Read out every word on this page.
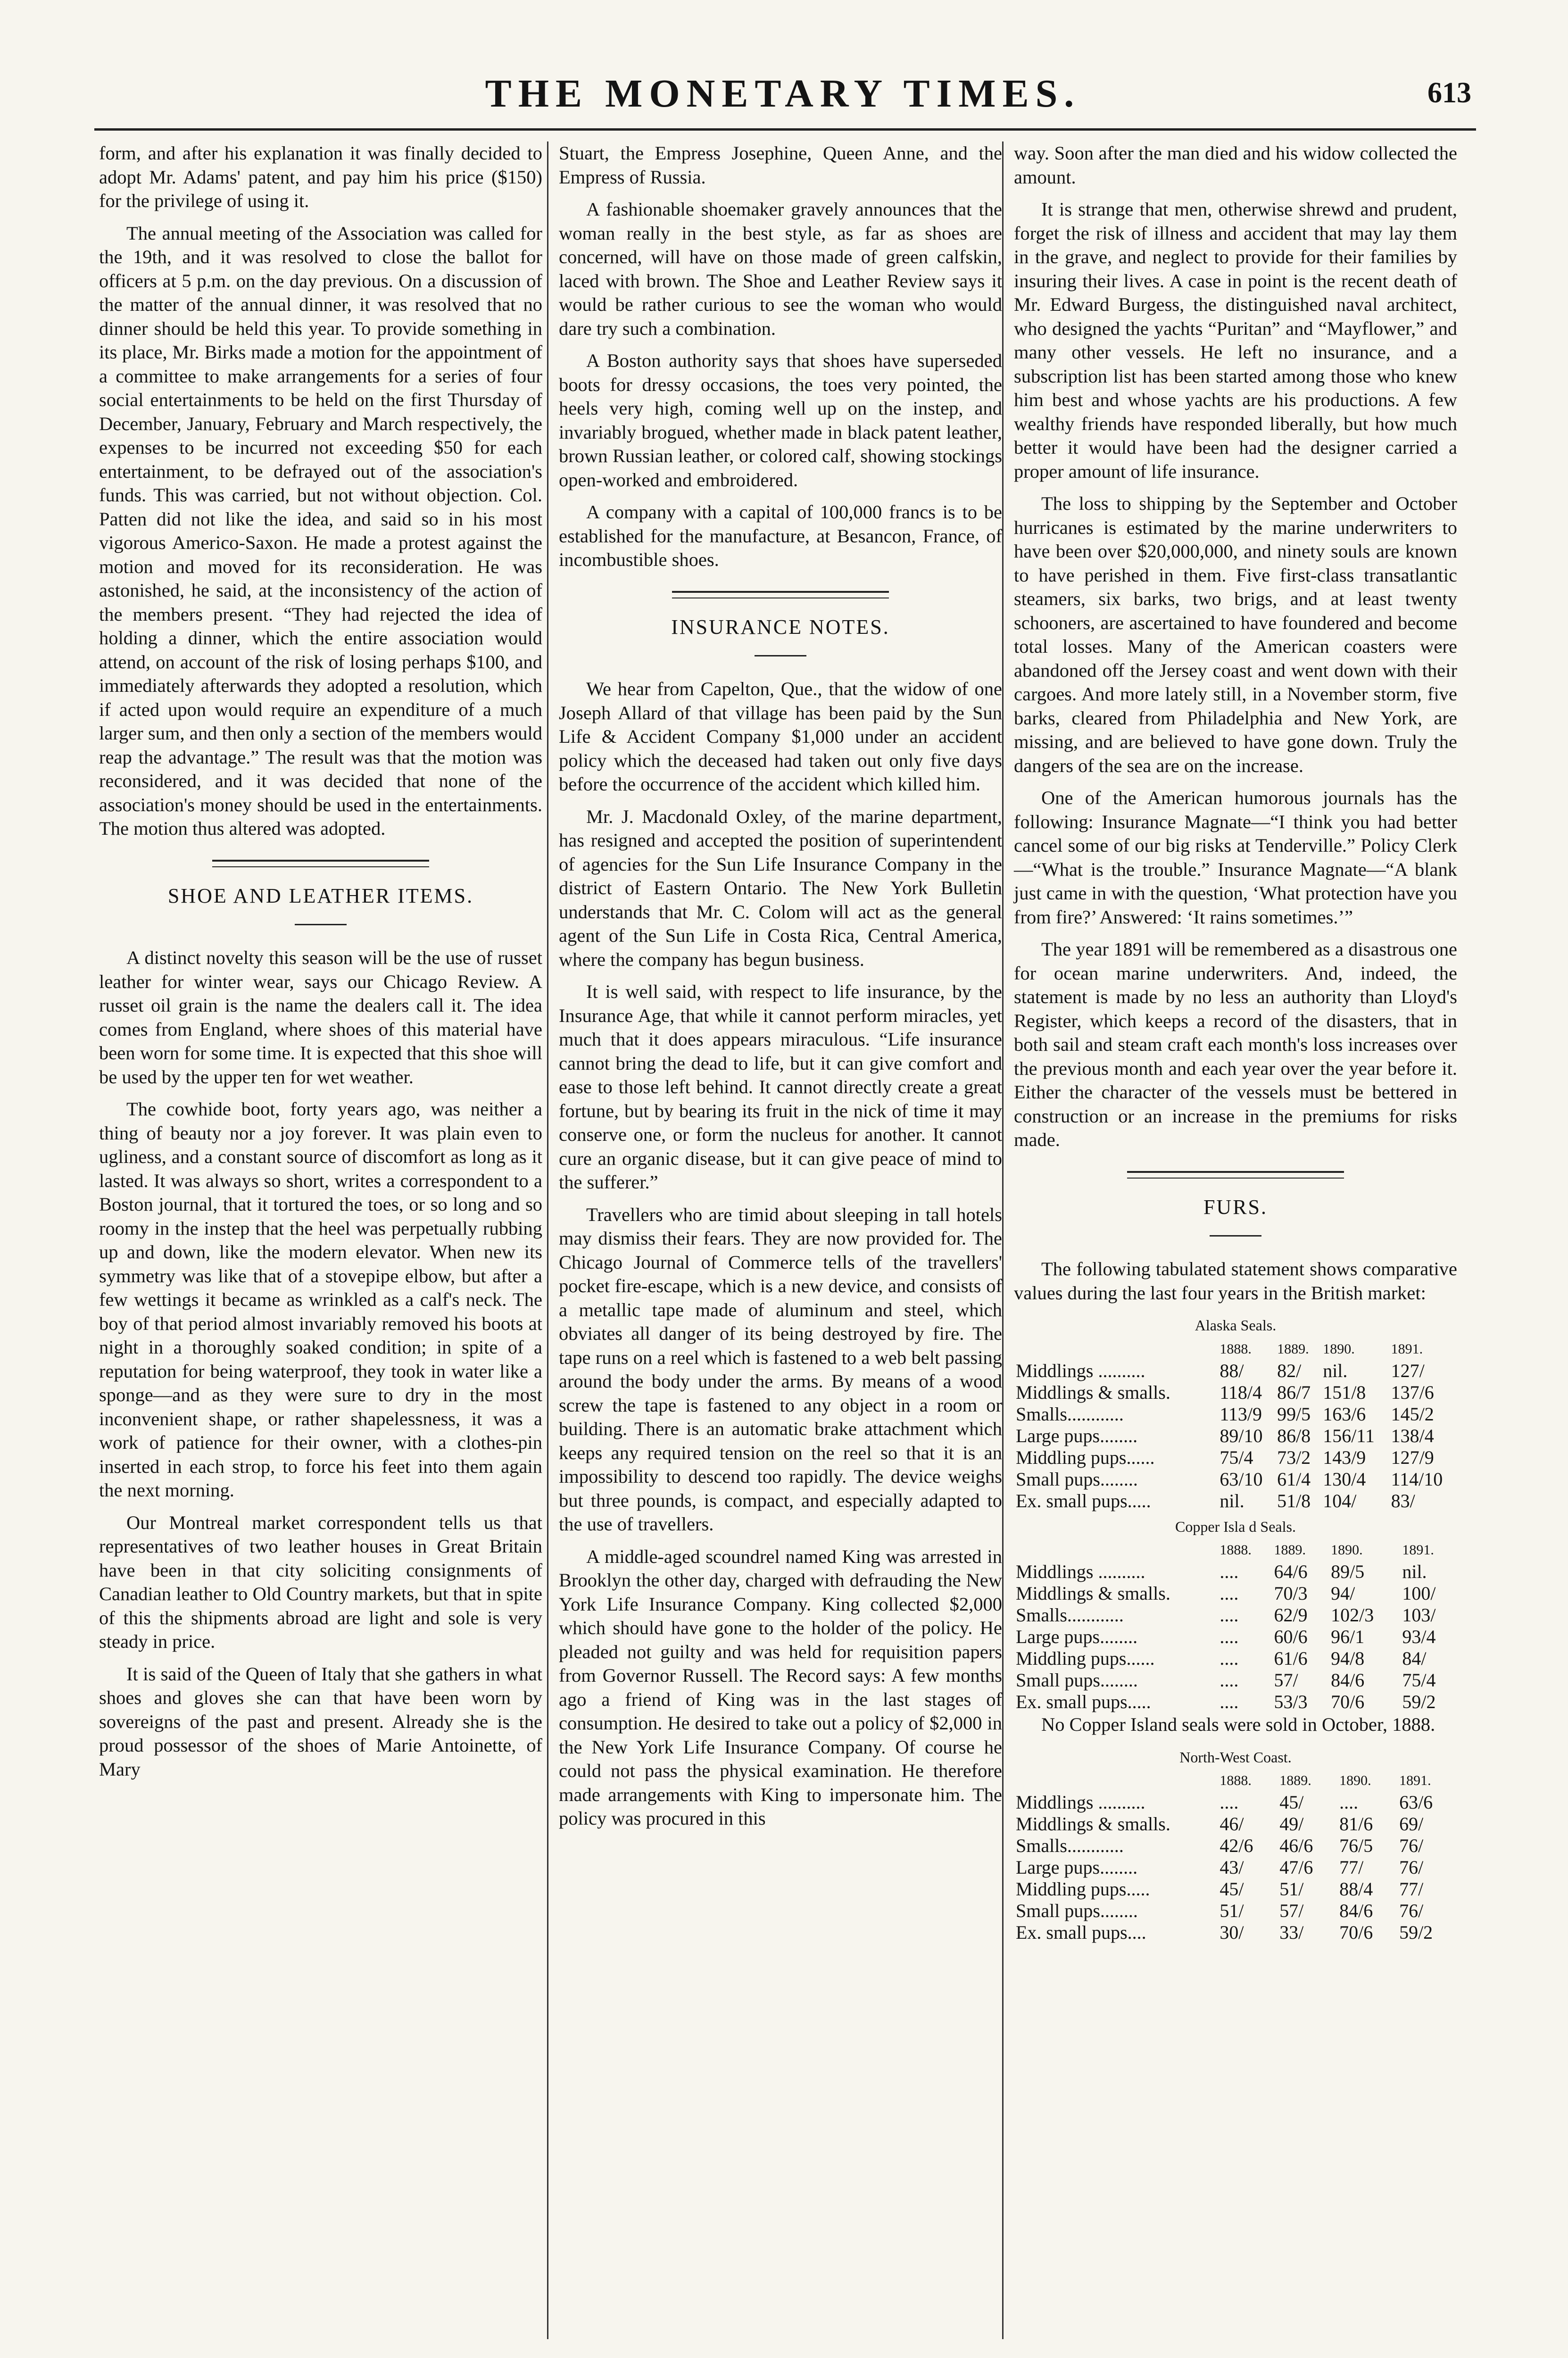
THE MONETARY TIMES.	613

form, and after his explanation it was finally decided to adopt Mr. Adams' patent, and pay him his price ($150) for the privilege of using it.

The annual meeting of the Association was called for the 19th, and it was resolved to close the ballot for officers at 5 p.m. on the day previous. On a discussion of the matter of the annual dinner, it was resolved that no dinner should be held this year. To provide something in its place, Mr. Birks made a motion for the appointment of a committee to make arrangements for a series of four social entertainments to be held on the first Thursday of December, January, February and March respectively, the expenses to be incurred not exceeding $50 for each entertainment, to be defrayed out of the association's funds. This was carried, but not without objection. Col. Patten did not like the idea, and said so in his most vigorous Americo-Saxon. He made a protest against the motion and moved for its reconsideration. He was astonished, he said, at the inconsistency of the action of the members present. “They had rejected the idea of holding a dinner, which the entire association would attend, on account of the risk of losing perhaps $100, and immediately afterwards they adopted a resolution, which if acted upon would require an expenditure of a much larger sum, and then only a section of the members would reap the advantage.” The result was that the motion was reconsidered, and it was decided that none of the association's money should be used in the entertainments. The motion thus altered was adopted.

SHOE AND LEATHER ITEMS.

A distinct novelty this season will be the use of russet leather for winter wear, says our Chicago Review. A russet oil grain is the name the dealers call it. The idea comes from England, where shoes of this material have been worn for some time. It is expected that this shoe will be used by the upper ten for wet weather.

The cowhide boot, forty years ago, was neither a thing of beauty nor a joy forever. It was plain even to ugliness, and a constant source of discomfort as long as it lasted. It was always so short, writes a correspondent to a Boston journal, that it tortured the toes, or so long and so roomy in the instep that the heel was perpetually rubbing up and down, like the modern elevator. When new its symmetry was like that of a stovepipe elbow, but after a few wettings it became as wrinkled as a calf's neck. The boy of that period almost invariably removed his boots at night in a thoroughly soaked condition; in spite of a reputation for being waterproof, they took in water like a sponge—and as they were sure to dry in the most inconvenient shape, or rather shapelessness, it was a work of patience for their owner, with a clothes-pin inserted in each strop, to force his feet into them again the next morning.

Our Montreal market correspondent tells us that representatives of two leather houses in Great Britain have been in that city soliciting consignments of Canadian leather to Old Country markets, but that in spite of this the shipments abroad are light and sole is very steady in price.

It is said of the Queen of Italy that she gathers in what shoes and gloves she can that have been worn by sovereigns of the past and present. Already she is the proud possessor of the shoes of Marie Antoinette, of Mary

Stuart, the Empress Josephine, Queen Anne, and the Empress of Russia.

A fashionable shoemaker gravely announces that the woman really in the best style, as far as shoes are concerned, will have on those made of green calfskin, laced with brown. The Shoe and Leather Review says it would be rather curious to see the woman who would dare try such a combination.

A Boston authority says that shoes have superseded boots for dressy occasions, the toes very pointed, the heels very high, coming well up on the instep, and invariably brogued, whether made in black patent leather, brown Russian leather, or colored calf, showing stockings open-worked and embroidered.

A company with a capital of 100,000 francs is to be established for the manufacture, at Besancon, France, of incombustible shoes.

INSURANCE NOTES.

We hear from Capelton, Que., that the widow of one Joseph Allard of that village has been paid by the Sun Life & Accident Company $1,000 under an accident policy which the deceased had taken out only five days before the occurrence of the accident which killed him.

Mr. J. Macdonald Oxley, of the marine department, has resigned and accepted the position of superintendent of agencies for the Sun Life Insurance Company in the district of Eastern Ontario. The New York Bulletin understands that Mr. C. Colom will act as the general agent of the Sun Life in Costa Rica, Central America, where the company has begun business.

It is well said, with respect to life insurance, by the Insurance Age, that while it cannot perform miracles, yet much that it does appears miraculous. “Life insurance cannot bring the dead to life, but it can give comfort and ease to those left behind. It cannot directly create a great fortune, but by bearing its fruit in the nick of time it may conserve one, or form the nucleus for another. It cannot cure an organic disease, but it can give peace of mind to the sufferer.”

Travellers who are timid about sleeping in tall hotels may dismiss their fears. They are now provided for. The Chicago Journal of Commerce tells of the travellers' pocket fire-escape, which is a new device, and consists of a metallic tape made of aluminum and steel, which obviates all danger of its being destroyed by fire. The tape runs on a reel which is fastened to a web belt passing around the body under the arms. By means of a wood screw the tape is fastened to any object in a room or building. There is an automatic brake attachment which keeps any required tension on the reel so that it is an impossibility to descend too rapidly. The device weighs but three pounds, is compact, and especially adapted to the use of travellers.

A middle-aged scoundrel named King was arrested in Brooklyn the other day, charged with defrauding the New York Life Insurance Company. King collected $2,000 which should have gone to the holder of the policy. He pleaded not guilty and was held for requisition papers from Governor Russell. The Record says: A few months ago a friend of King was in the last stages of consumption. He desired to take out a policy of $2,000 in the New York Life Insurance Company. Of course he could not pass the physical examination. He therefore made arrangements with King to impersonate him. The policy was procured in this

way. Soon after the man died and his widow collected the amount.

It is strange that men, otherwise shrewd and prudent, forget the risk of illness and accident that may lay them in the grave, and neglect to provide for their families by insuring their lives. A case in point is the recent death of Mr. Edward Burgess, the distinguished naval architect, who designed the yachts “Puritan” and “Mayflower,” and many other vessels. He left no insurance, and a subscription list has been started among those who knew him best and whose yachts are his productions. A few wealthy friends have responded liberally, but how much better it would have been had the designer carried a proper amount of life insurance.

The loss to shipping by the September and October hurricanes is estimated by the marine underwriters to have been over $20,000,000, and ninety souls are known to have perished in them. Five first-class transatlantic steamers, six barks, two brigs, and at least twenty schooners, are ascertained to have foundered and become total losses. Many of the American coasters were abandoned off the Jersey coast and went down with their cargoes. And more lately still, in a November storm, five barks, cleared from Philadelphia and New York, are missing, and are believed to have gone down. Truly the dangers of the sea are on the increase.

One of the American humorous journals has the following: Insurance Magnate—“I think you had better cancel some of our big risks at Tenderville.” Policy Clerk—“What is the trouble.” Insurance Magnate—“A blank just came in with the question, ‘What protection have you from fire?’ Answered: ‘It rains sometimes.’”

The year 1891 will be remembered as a disastrous one for ocean marine underwriters. And, indeed, the statement is made by no less an authority than Lloyd's Register, which keeps a record of the disasters, that in both sail and steam craft each month's loss increases over the previous month and each year over the year before it. Either the character of the vessels must be bettered in construction or an increase in the premiums for risks made.

FURS.

The following tabulated statement shows comparative values during the last four years in the British market:

Alaska Seals.
	1888.	1889.	1890.	1891.
Middlings ..........	88/	82/	nil.	127/
Middlings & smalls.	118/4	86/7	151/8	137/6
Smalls............	113/9	99/5	163/6	145/2
Large pups........	89/10	86/8	156/11	138/4
Middling pups......	75/4	73/2	143/9	127/9
Small pups........	63/10	61/4	130/4	114/10
Ex. small pups.....	nil.	51/8	104/	83/
Copper Isla d Seals.
	1888.	1889.	1890.	1891.
Middlings ..........	....	64/6	89/5	nil.
Middlings & smalls.	....	70/3	94/	100/
Smalls............	....	62/9	102/3	103/
Large pups........	....	60/6	96/1	93/4
Middling pups......	....	61/6	94/8	84/
Small pups........	....	57/	84/6	75/4
Ex. small pups.....	....	53/3	70/6	59/2

No Copper Island seals were sold in October, 1888.

North-West Coast.
	1888.	1889.	1890.	1891.
Middlings ..........	....	45/	....	63/6
Middlings & smalls.	46/	49/	81/6	69/
Smalls............	42/6	46/6	76/5	76/
Large pups........	43/	47/6	77/	76/
Middling pups.....	45/	51/	88/4	77/
Small pups........	51/	57/	84/6	76/
Ex. small pups....	30/	33/	70/6	59/2
